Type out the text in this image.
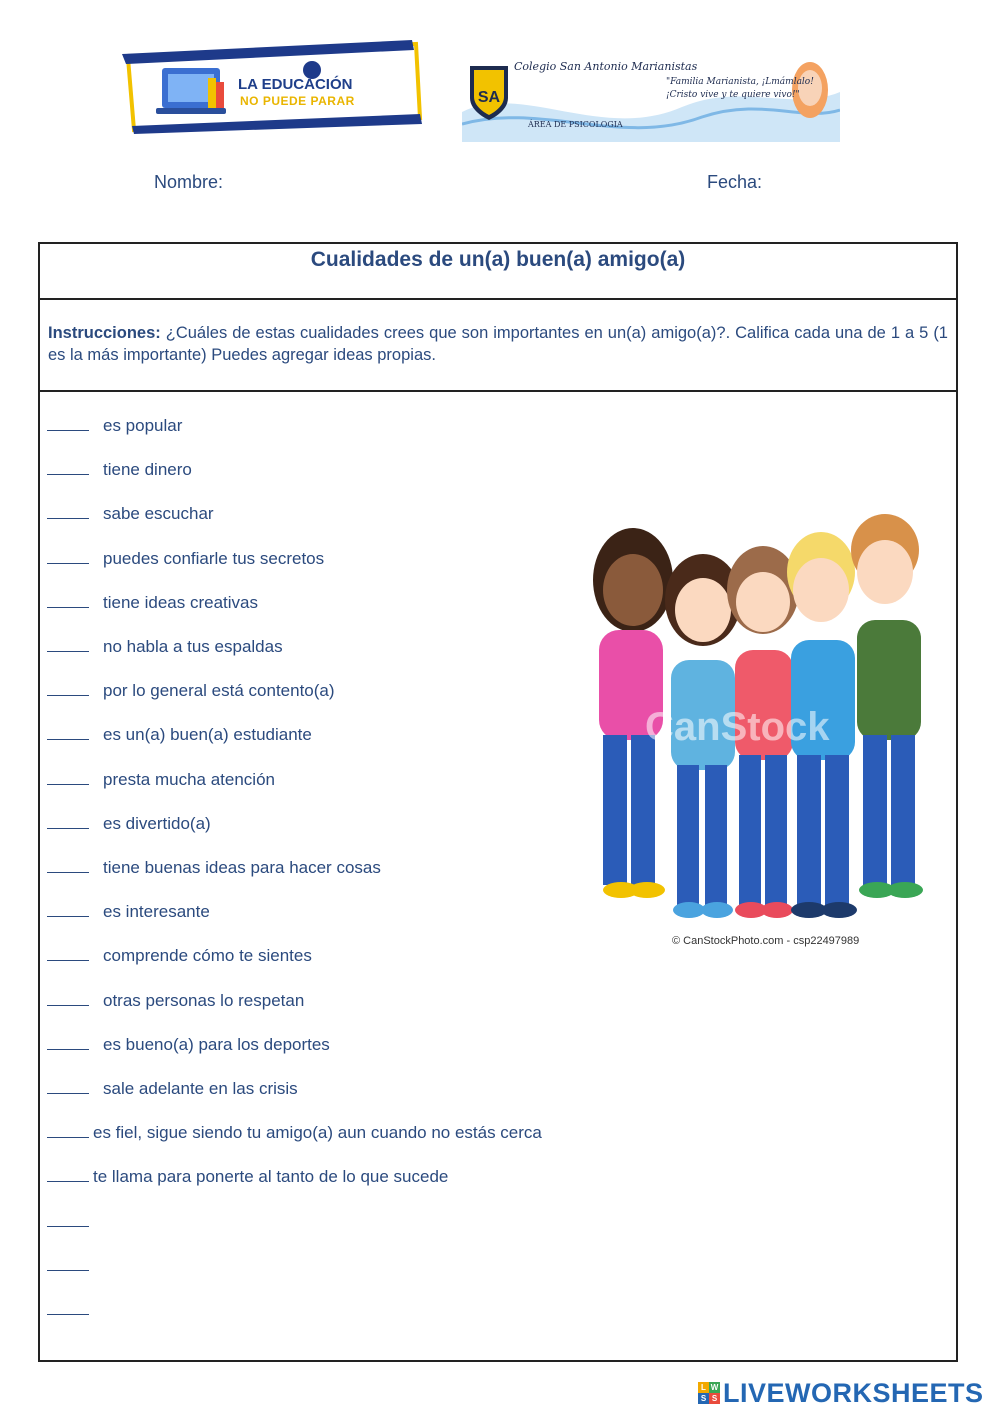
LA EDUCACIÓN
NO PUEDE PARAR	SA
Colegio San Antonio Marianistas
ÁREA DE PSICOLOGIA
"Familia Marianista, ¡Lmámlalo!
¡Cristo vive y te quiere vivo!"
Nombre:	Fecha:
Cualidades de un(a) buen(a) amigo(a)
Instrucciones: ¿Cuáles de estas cualidades crees que son importantes en un(a) amigo(a)?. Califica cada una de 1 a 5 (1 es la más importante) Puedes agregar ideas propias.
es popular
tiene dinero
sabe escuchar
puedes confiarle tus secretos
tiene ideas creativas
no habla a tus espaldas
por lo general está contento(a)
es un(a) buen(a) estudiante
presta mucha atención
es divertido(a)
tiene buenas ideas para hacer cosas
es interesante
comprende cómo te sientes
otras personas lo respetan
es bueno(a) para los deportes
sale adelante en las crisis
es fiel, sigue siendo tu amigo(a) aun cuando no estás cerca
te llama para ponerte al tanto de lo que sucede
CanStock
© CanStockPhoto.com - csp22497989
L W
S S LIVEWORKSHEETS
